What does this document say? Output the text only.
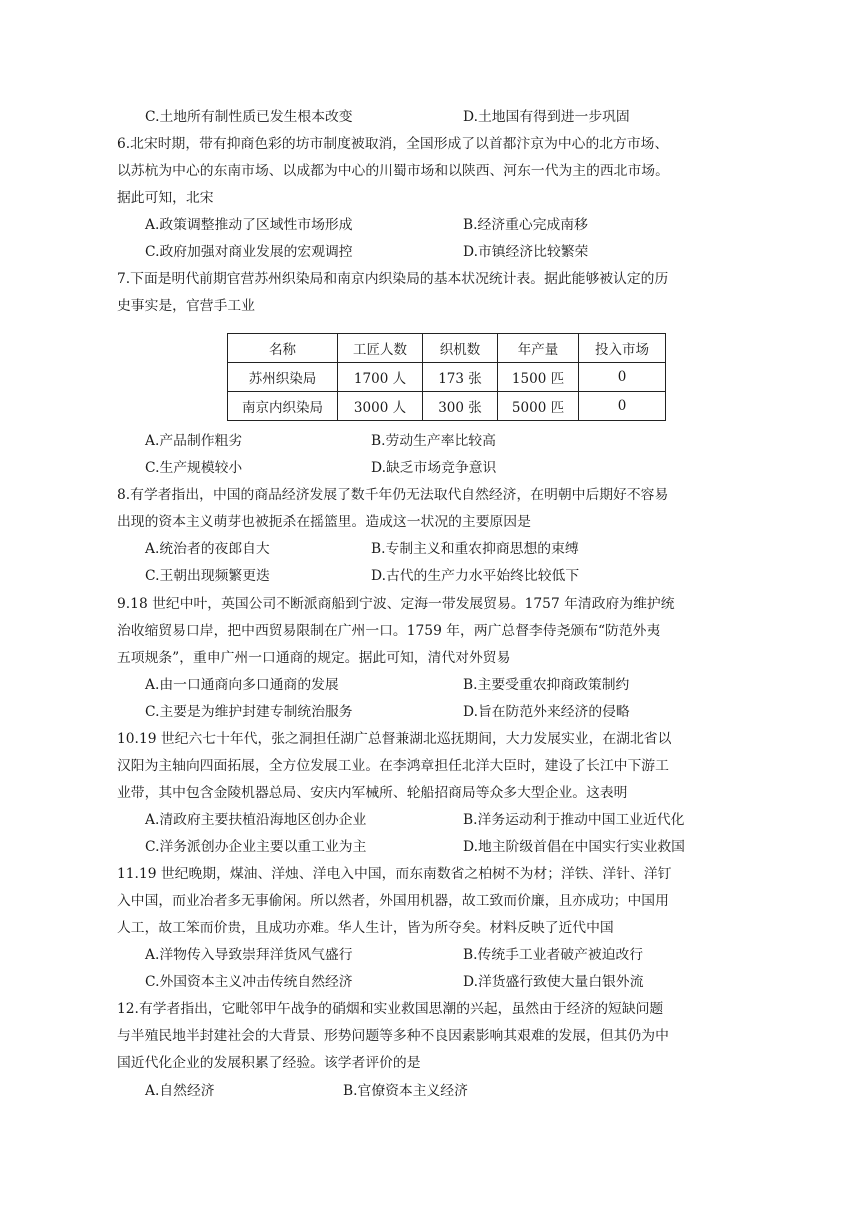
C.土地所有制性质已发生根本改变	D.土地国有得到进一步巩固
6.北宋时期，带有抑商色彩的坊市制度被取消，全国形成了以首都汴京为中心的北方市场、
以苏杭为中心的东南市场、以成都为中心的川蜀市场和以陕西、河东一代为主的西北市场。
据此可知，北宋
A.政策调整推动了区域性市场形成	B.经济重心完成南移
C.政府加强对商业发展的宏观调控	D.市镇经济比较繁荣
7.下面是明代前期官营苏州织染局和南京内织染局的基本状况统计表。据此能够被认定的历
史事实是，官营手工业
名称	工匠人数	织机数	年产量	投入市场
苏州织染局	1700 人	173 张	1500 匹	0
南京内织染局	3000 人	300 张	5000 匹	0
A.产品制作粗劣	B.劳动生产率比较高
C.生产规模较小	D.缺乏市场竞争意识
8.有学者指出，中国的商品经济发展了数千年仍无法取代自然经济，在明朝中后期好不容易
出现的资本主义萌芽也被扼杀在摇篮里。造成这一状况的主要原因是
A.统治者的夜郎自大	B.专制主义和重农抑商思想的束缚
C.王朝出现频繁更迭	D.古代的生产力水平始终比较低下
9.18 世纪中叶，英国公司不断派商船到宁波、定海一带发展贸易。1757 年清政府为维护统
治收缩贸易口岸，把中西贸易限制在广州一口。1759 年，两广总督李侍尧颁布“防范外夷
五项规条”，重申广州一口通商的规定。据此可知，清代对外贸易
A.由一口通商向多口通商的发展	B.主要受重农抑商政策制约
C.主要是为维护封建专制统治服务	D.旨在防范外来经济的侵略
10.19 世纪六七十年代，张之洞担任湖广总督兼湖北巡抚期间，大力发展实业，在湖北省以
汉阳为主轴向四面拓展，全方位发展工业。在李鸿章担任北洋大臣时，建设了长江中下游工
业带，其中包含金陵机器总局、安庆内军械所、轮船招商局等众多大型企业。这表明
A.清政府主要扶植沿海地区创办企业	B.洋务运动利于推动中国工业近代化
C.洋务派创办企业主要以重工业为主	D.地主阶级首倡在中国实行实业救国
11.19 世纪晚期，煤油、洋烛、洋电入中国，而东南数省之柏树不为材；洋铁、洋针、洋钉
入中国，而业冶者多无事偷闲。所以然者，外国用机器，故工致而价廉，且亦成功；中国用
人工，故工笨而价贵，且成功亦难。华人生计，皆为所夺矣。材料反映了近代中国
A.洋物传入导致崇拜洋货风气盛行	B.传统手工业者破产被迫改行
C.外国资本主义冲击传统自然经济	D.洋货盛行致使大量白银外流
12.有学者指出，它毗邻甲午战争的硝烟和实业救国思潮的兴起，虽然由于经济的短缺问题
与半殖民地半封建社会的大背景、形势问题等多种不良因素影响其艰难的发展，但其仍为中
国近代化企业的发展积累了经验。该学者评价的是
A.自然经济	B.官僚资本主义经济
